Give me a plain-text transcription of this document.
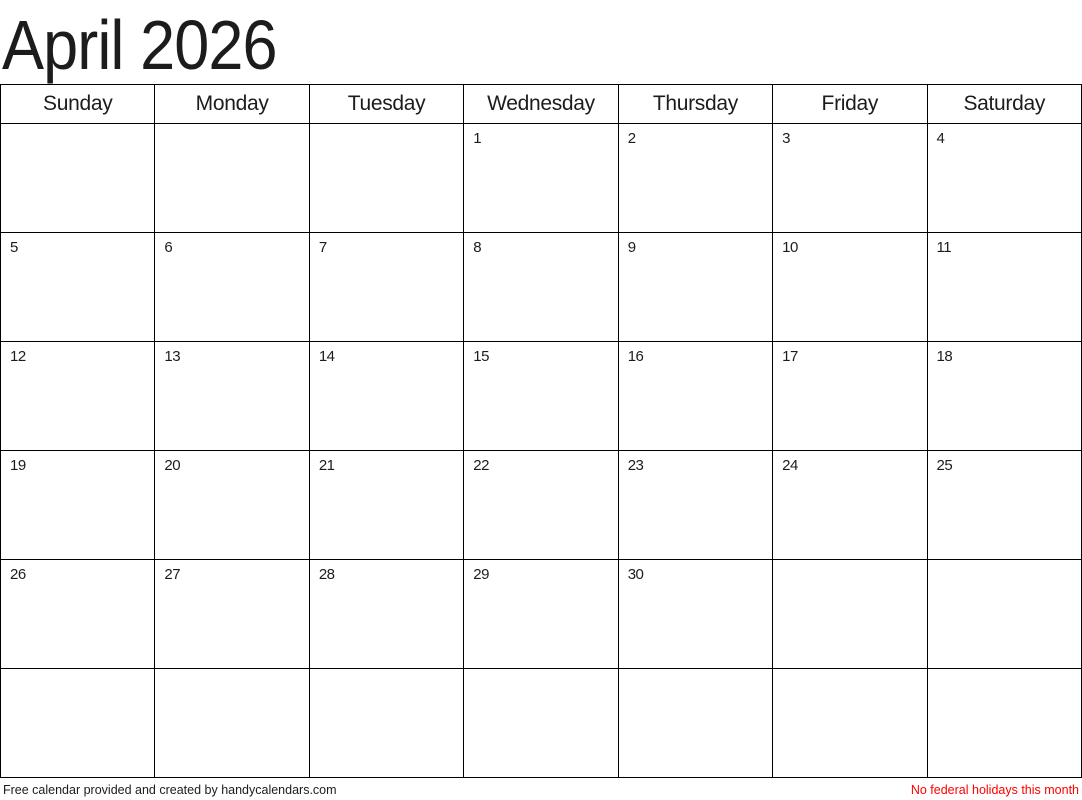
April 2026
Sunday	Monday	Tuesday	Wednesday	Thursday	Friday	Saturday
			1	2	3	4
5	6	7	8	9	10	11
12	13	14	15	16	17	18
19	20	21	22	23	24	25
26	27	28	29	30		

Free calendar provided and created by handycalendars.com	No federal holidays this month
